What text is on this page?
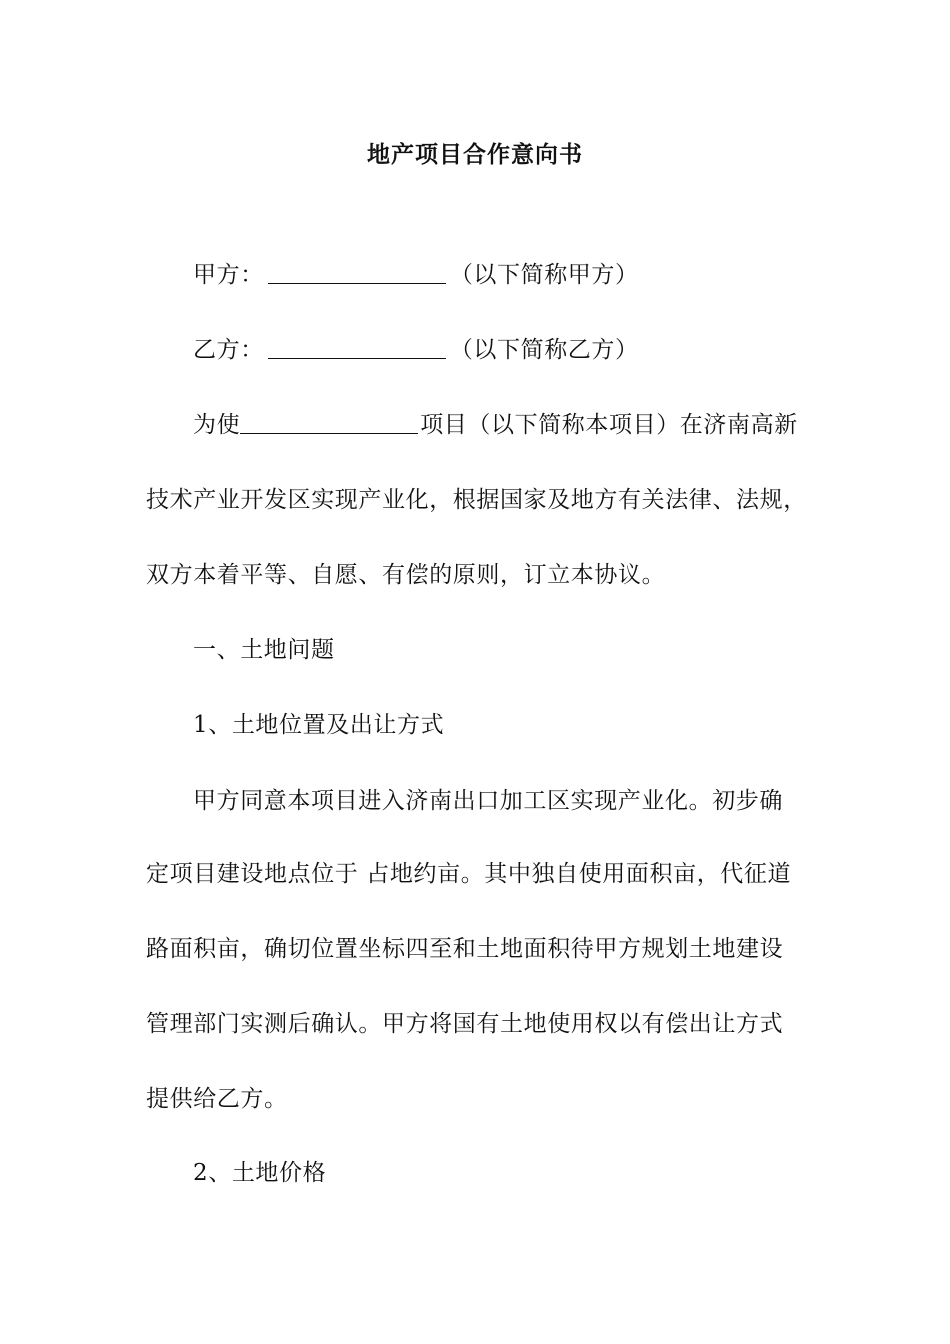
地产项目合作意向书
甲方：	（以下简称甲方）
乙方：	（以下简称乙方）
为使	项目（以下简称本项目）在济南高新
技术产业开发区实现产业化，根据国家及地方有关法律、法规，
双方本着平等、自愿、有偿的原则，订立本协议。
一、土地问题
1、土地位置及出让方式
甲方同意本项目进入济南出口加工区实现产业化。初步确
定项目建设地点位于 占地约亩。其中独自使用面积亩，代征道
路面积亩，确切位置坐标四至和土地面积待甲方规划土地建设
管理部门实测后确认。甲方将国有土地使用权以有偿出让方式
提供给乙方。
2、土地价格
